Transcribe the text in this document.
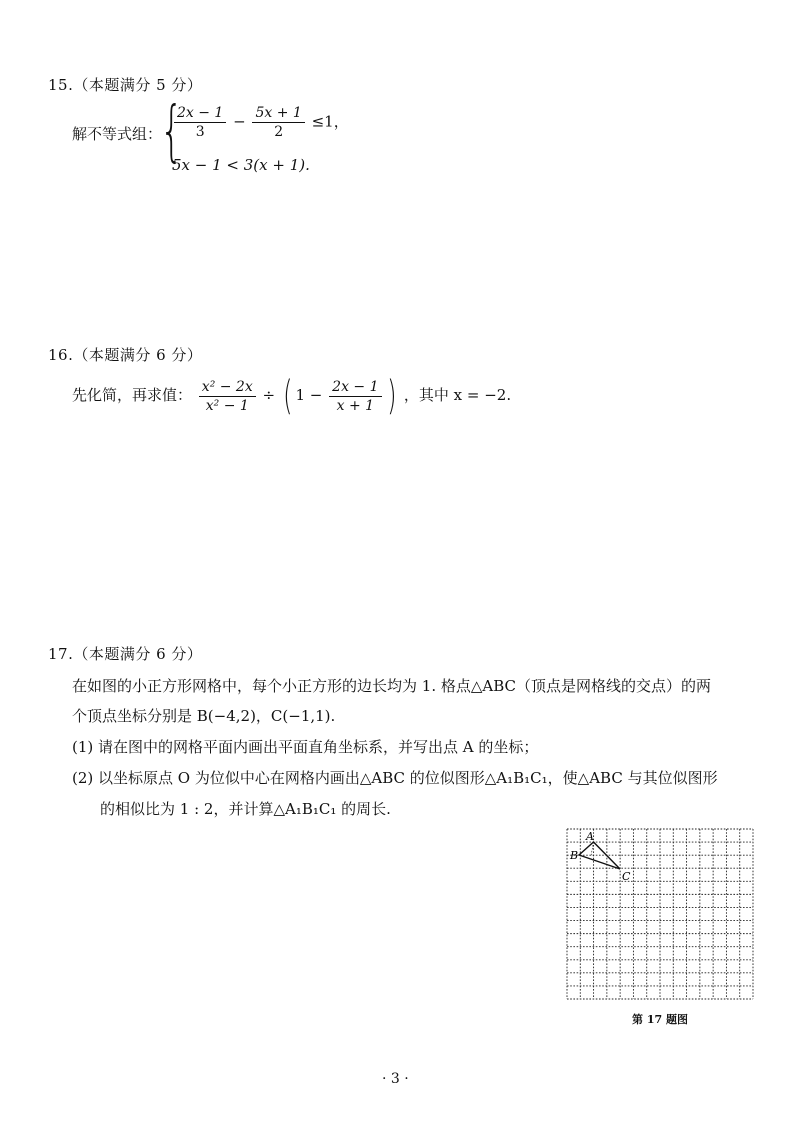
15.（本题满分 5 分）
解不等式组：
{
$\frac{2x - 1}{3} - \frac{5x + 1}{2} \le 1$，
5x − 1 < 3(x + 1).
16.（本题满分 6 分）
先化简，再求值： $\frac{\text{x² − 2x}}{\text{x² − 1}}$ ÷ ( $1 - \frac{2x - 1}{x + 1}$ ) ，其中 x = −2.
17.（本题满分 6 分）
在如图的小正方形网格中，每个小正方形的边长均为 1. 格点△ABC（顶点是网格线的交点）的两
个顶点坐标分别是 B(−4,2)，C(−1,1).
(1) 请在图中的网格平面内画出平面直角坐标系，并写出点 A 的坐标；
(2) 以坐标原点 O 为位似中心在网格内画出△ABC 的位似图形△A₁B₁C₁，使△ABC 与其位似图形
的相似比为 1 : 2，并计算△A₁B₁C₁ 的周长.
A
B
C
第 17 题图
· 3 ·
